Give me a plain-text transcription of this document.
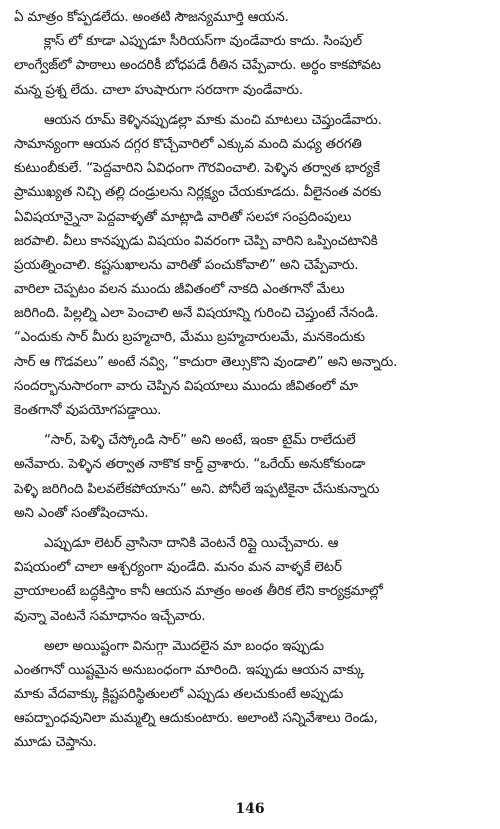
ఏ మాత్రం కోప్పడలేదు. అంతటి సౌజన్యమూర్తి ఆయన.
క్లాస్ లో కూడా ఎప్పుడూ సీరియస్‌గా వుండేవారు కాదు. సింపుల్
లాంగ్వేజ్‌లో పాఠాలు అందరికీ బోధపడే రీతిన చెప్పేవారు. అర్థం కాకపోవట
మన్న ప్రశ్న లేదు. చాలా హుషారుగా సరదాగా వుండేవారు.
ఆయన రూమ్ కెళ్ళినప్పుడల్లా మాకు మంచి మాటలు చెప్తుండేవారు.
సామాన్యంగా ఆయన దగ్గర కొచ్చేవారిలో ఎక్కువ మంది మధ్య తరగతి
కుటుంబీకులే. “పెద్దవారిని ఏవిధంగా గౌరవించాలి. పెళ్ళిన తర్వాత భార్యకే
ప్రాముఖ్యత నిచ్చి తల్లి దండ్రులను నిర్లక్ష్యం చేయకూడదు. వీలైనంత వరకు
ఏవిషయాన్నైనా పెద్దవాళ్ళతో మాట్లాడి వారితో సలహా సంప్రదింపులు
జరపాలి. వీలు కానప్పుడు విషయం వివరంగా చెప్పి వారిని ఒప్పించటానికి
ప్రయత్నించాలి. కష్టసుఖాలను వారితో పంచుకోవాలి” అని చెప్పేవారు.
వారిలా చెప్పటం వలన ముందు జీవితంలో నాకది ఎంతగానో మేలు
జరిగింది. పిల్లల్ని ఎలా పెంచాలి అనే విషయాన్ని గురించి చెప్తుంటే నేనండి.
“ఎందుకు సార్ మీరు బ్రహ్మచారి, మేము బ్రహ్మచారులమే, మనకెందుకు
సార్ ఆ గొడవలు” అంటే నవ్వి, “కాదురా తెల్సుకొని వుండాలి” అని అన్నారు.
సందర్భానుసారంగా వారు చెప్పిన విషయాలు ముందు జీవితంలో మా
కెంతగానో వుపయోగపడ్డాయి.
“సార్, పెళ్ళి చేస్కోండి సార్” అని అంటే, ఇంకా టైమ్ రాలేదులే
అనేవారు. పెళ్ళిన తర్వాత నాకొక కార్డ్ వ్రాశారు. “ఒరేయ్ అనుకోకుండా
పెళ్ళి జరిగింది పిలవలేకపోయాను” అని. పోనీలే ఇప్పటికైనా చేసుకున్నారు
అని ఎంతో సంతోషించాను.
ఎప్పుడూ లెటర్ వ్రాసినా దానికి వెంటనే రిప్లై యిచ్చేవారు. ఆ
విషయంలో చాలా ఆశ్చర్యంగా వుండేది. మనం మన వాళ్ళకే లెటర్
వ్రాయాలంటే బద్ధకిస్తాం కానీ ఆయన మాత్రం అంత తీరిక లేని కార్యక్రమాల్లో
వున్నా వెంటనే సమాధానం ఇచ్చేవారు.
అలా అయిష్టంగా వినుగ్గా మొదలైన మా బంధం ఇప్పుడు
ఎంతగానో యిష్టమైన అనుబంధంగా మారింది. ఇప్పుడు ఆయన వాక్కు
మాకు వేదవాక్కు క్లిష్టపరిస్థితులలో ఎప్పుడు తలచుకుంటే అప్పుడు
ఆపద్బాంధవునిలా మమ్మల్ని ఆదుకుంటారు. అలాంటి సన్నివేశాలు రెండు,
మూడు చెప్తాను.
146
